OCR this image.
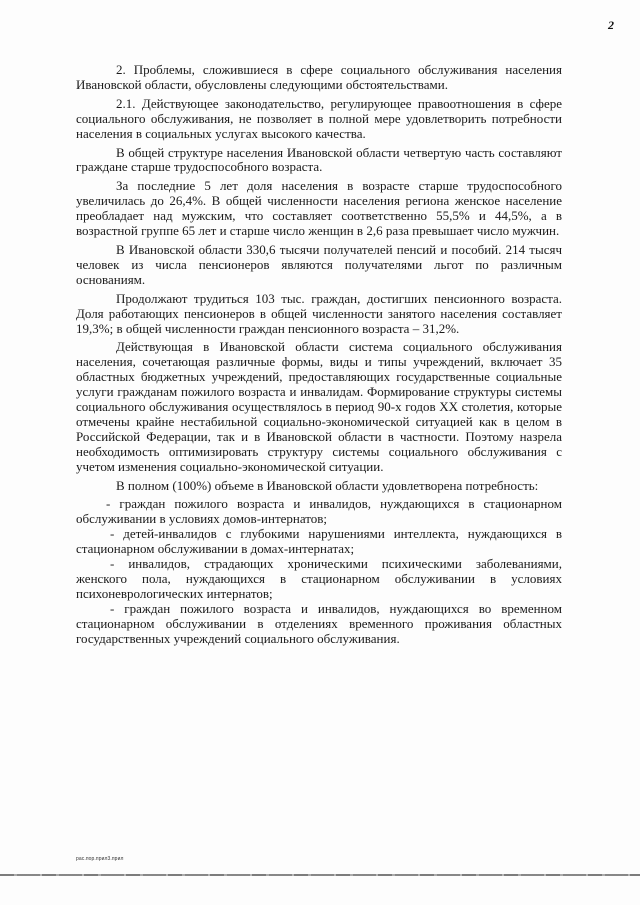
2

2. Проблемы, сложившиеся в сфере социального обслуживания населения Ивановской области, обусловлены следующими обстоятельствами.

2.1. Действующее законодательство, регулирующее правоотношения в сфере социального обслуживания, не позволяет в полной мере удовлетворить потребности населения в социальных услугах высокого качества.

В общей структуре населения Ивановской области четвертую часть составляют граждане старше трудоспособного возраста.

За последние 5 лет доля населения в возрасте старше трудоспособного увеличилась до 26,4%. В общей численности населения региона женское население преобладает над мужским, что составляет соответственно 55,5% и 44,5%, а в возрастной группе 65 лет и старше число женщин в 2,6 раза превышает число мужчин.

В Ивановской области 330,6 тысячи получателей пенсий и пособий. 214 тысяч человек из числа пенсионеров являются получателями льгот по различным основаниям.

Продолжают трудиться 103 тыс. граждан, достигших пенсионного возраста. Доля работающих пенсионеров в общей численности занятого населения составляет 19,3%; в общей численности граждан пенсионного возраста – 31,2%.

Действующая в Ивановской области система социального обслуживания населения, сочетающая различные формы, виды и типы учреждений, включает 35 областных бюджетных учреждений, предоставляющих государственные социальные услуги гражданам пожилого возраста и инвалидам. Формирование структуры системы социального обслуживания осуществлялось в период 90-х годов XX столетия, которые отмечены крайне нестабильной социально-экономической ситуацией как в целом в Российской Федерации, так и в Ивановской области в частности. Поэтому назрела необходимость оптимизировать структуру системы социального обслуживания с учетом изменения социально-экономической ситуации.

В полном (100%) объеме в Ивановской области удовлетворена потребность:

- граждан пожилого возраста и инвалидов, нуждающихся в стационарном обслуживании в условиях домов-интернатов;

- детей-инвалидов с глубокими нарушениями интеллекта, нуждающихся в стационарном обслуживании в домах-интернатах;

- инвалидов, страдающих хроническими психическими заболеваниями, женского пола, нуждающихся в стационарном обслуживании в условиях психоневрологических интернатов;

- граждан пожилого возраста и инвалидов, нуждающихся во временном стационарном обслуживании в отделениях временного проживания областных государственных учреждений социального обслуживания.

рас.пор.прил3.прил
